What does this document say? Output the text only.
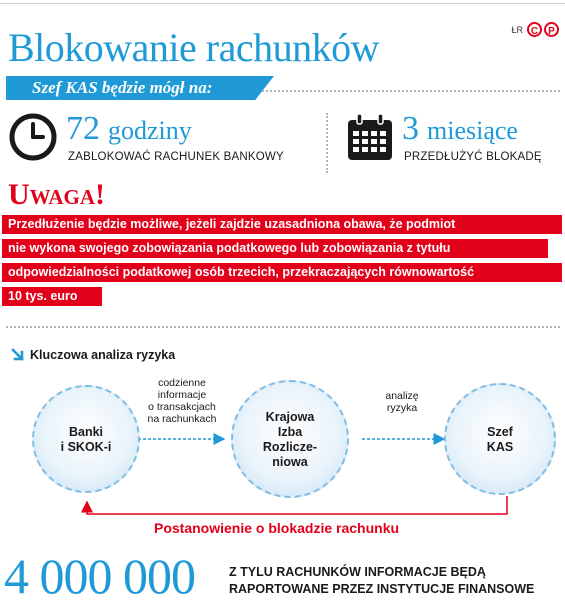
Blokowanie rachunków	ŁR C	P
Szef KAS będzie mógł na:
72 godziny
ZABLOKOWAĆ RACHUNEK BANKOWY
3 miesiące
PRZEDŁUŻYĆ BLOKADĘ
Uwaga!
Przedłużenie będzie możliwe, jeżeli zajdzie uzasadniona obawa, że podmiot
nie wykona swojego zobowiązania podatkowego lub zobowiązania z tytułu
odpowiedzialności podatkowej osób trzecich, przekraczających równowartość
10 tys. euro
Kluczowa analiza ryzyka
Banki
i SKOK-i
Krajowa
Izba
Rozlicze-
niowa
Szef
KAS
codzienne
informacje
o transakcjach
na rachunkach
analizę
ryzyka
Postanowienie o blokadzie rachunku
4 000 000	Z TYLU RACHUNKÓW INFORMACJE BĘDĄ
RAPORTOWANE PRZEZ INSTYTUCJE FINANSOWE
